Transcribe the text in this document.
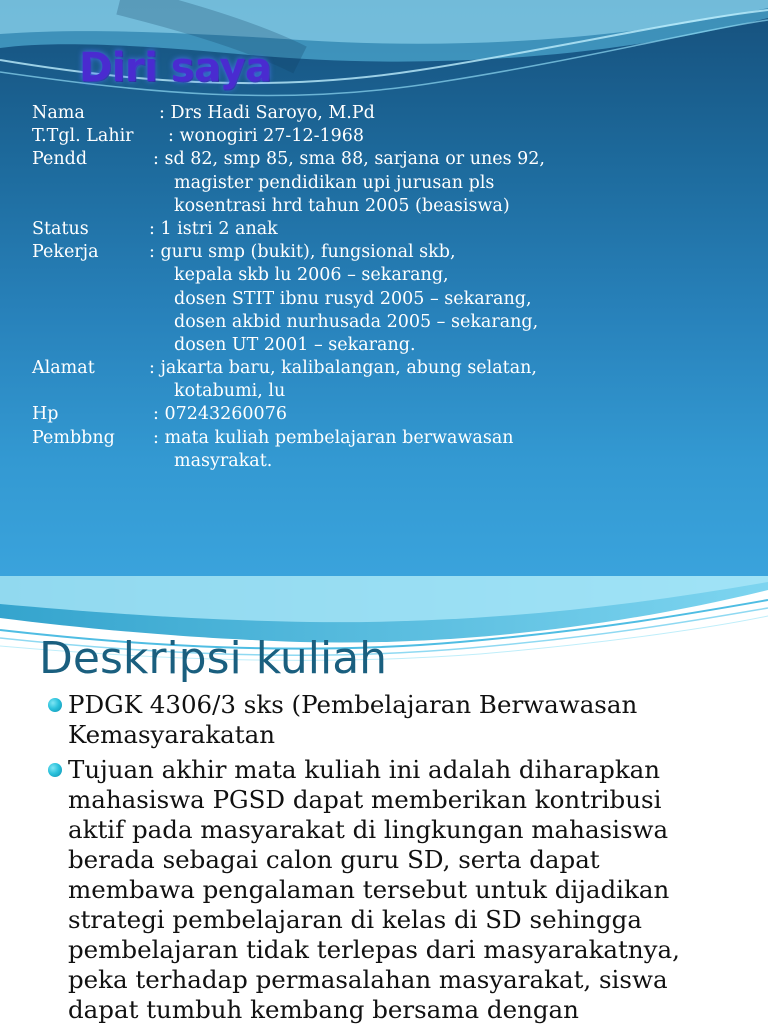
Diri saya
Nama	: Drs Hadi Saroyo, M.Pd
T.Tgl. Lahir : wonogiri 27-12-1968
Pendd	: sd 82, smp 85, sma 88, sarjana or unes 92,
magister pendidikan upi jurusan pls
kosentrasi hrd tahun 2005 (beasiswa)
Status	: 1 istri 2 anak
Pekerja	: guru smp (bukit), fungsional skb,
kepala skb lu 2006 – sekarang,
dosen STIT ibnu rusyd 2005 – sekarang,
dosen akbid nurhusada 2005 – sekarang,
dosen UT 2001 – sekarang.
Alamat	: jakarta baru, kalibalangan, abung selatan,
kotabumi, lu
Hp	: 07243260076
Pembbng : mata kuliah pembelajaran berwawasan
masyrakat.
Deskripsi kuliah
PDGK 4306/3 sks (Pembelajaran Berwawasan
Kemasyarakatan
Tujuan akhir mata kuliah ini adalah diharapkan
mahasiswa PGSD dapat memberikan kontribusi
aktif pada masyarakat di lingkungan mahasiswa
berada sebagai calon guru SD, serta dapat
membawa pengalaman tersebut untuk dijadikan
strategi pembelajaran di kelas di SD sehingga
pembelajaran tidak terlepas dari masyarakatnya,
peka terhadap permasalahan masyarakat, siswa
dapat tumbuh kembang bersama dengan
